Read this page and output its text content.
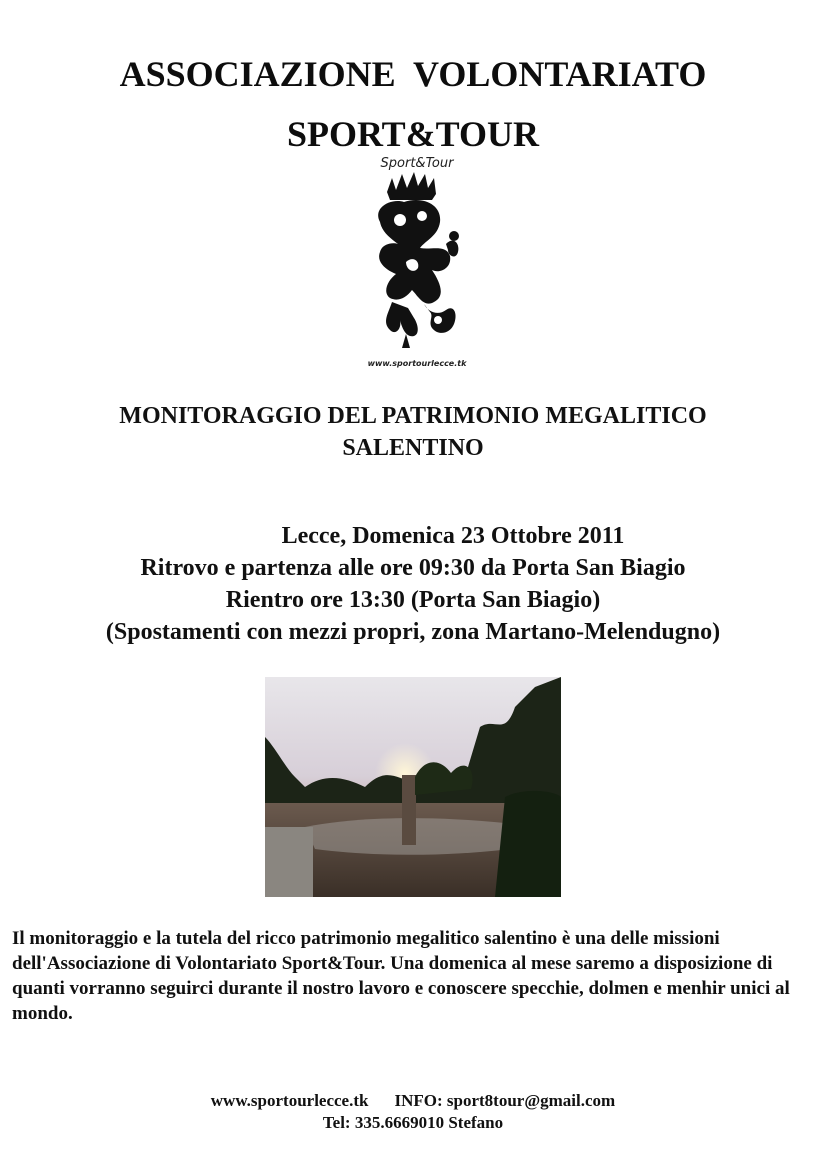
ASSOCIAZIONE  VOLONTARIATO
SPORT&TOUR
Sport&Tour
www.sportourlecce.tk
MONITORAGGIO DEL PATRIMONIO MEGALITICO
SALENTINO
Lecce, Domenica 23 Ottobre 2011
Ritrovo e partenza alle ore 09:30 da Porta San Biagio
Rientro ore 13:30 (Porta San Biagio)
(Spostamenti con mezzi propri, zona Martano-Melendugno)
Il monitoraggio e la tutela del ricco patrimonio megalitico salentino è una delle missioni dell'Associazione di Volontariato Sport&Tour. Una domenica al mese saremo a disposizione di quanti vorranno seguirci durante il nostro lavoro e conoscere specchie, dolmen e menhir unici al mondo.
www.sportourlecce.tk INFO: sport8tour@gmail.com
Tel: 335.6669010 Stefano
